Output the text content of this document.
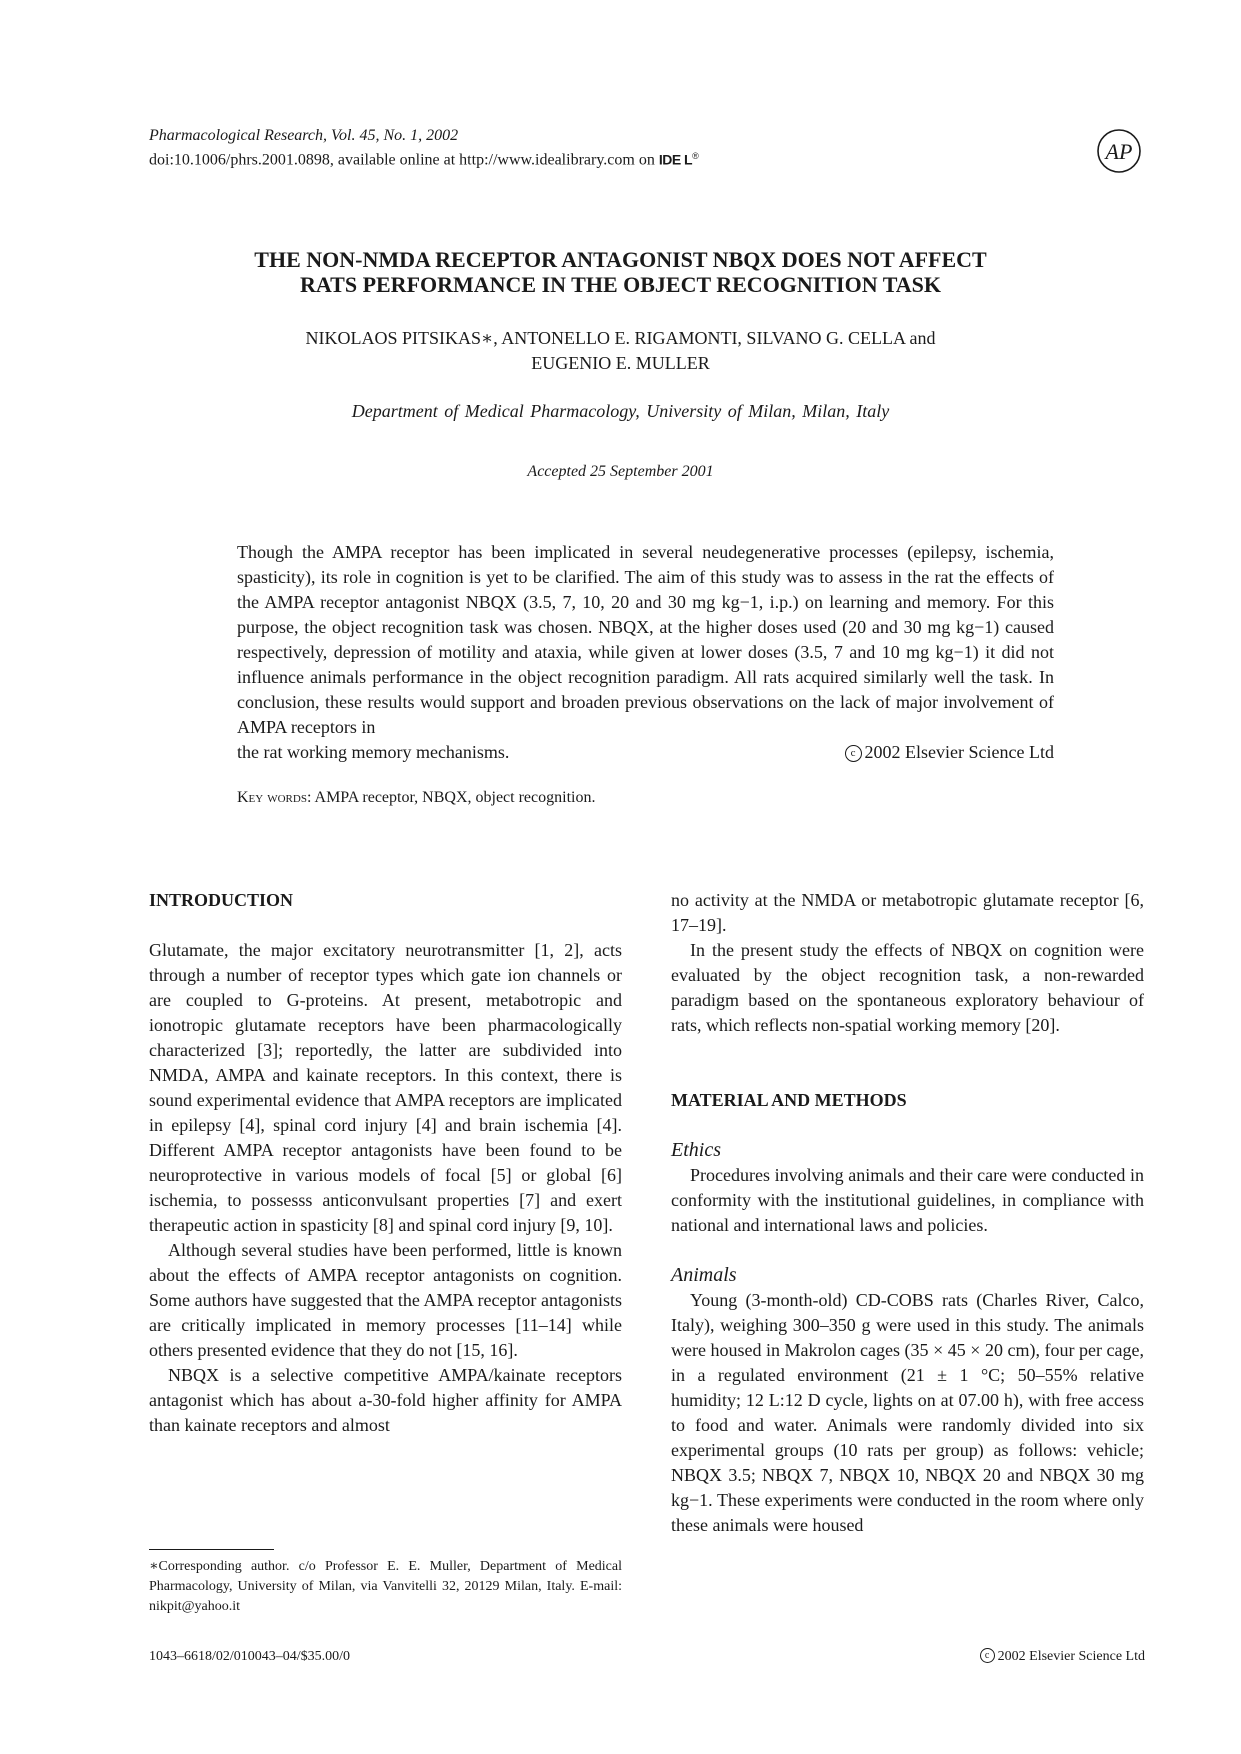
Pharmacological Research, Vol. 45, No. 1, 2002
doi:10.1006/phrs.2001.0898, available online at http://www.idealibrary.com on IDE L®	AP
THE NON-NMDA RECEPTOR ANTAGONIST NBQX DOES NOT AFFECT
RATS PERFORMANCE IN THE OBJECT RECOGNITION TASK
NIKOLAOS PITSIKAS∗, ANTONELLO E. RIGAMONTI, SILVANO G. CELLA and
EUGENIO E. MULLER
Department of Medical Pharmacology, University of Milan, Milan, Italy
Accepted 25 September 2001

Though the AMPA receptor has been implicated in several neudegenerative processes (epilepsy, ischemia, spasticity), its role in cognition is yet to be clarified. The aim of this study was to assess in the rat the effects of the AMPA receptor antagonist NBQX (3.5, 7, 10, 20 and 30 mg kg−1, i.p.) on learning and memory. For this purpose, the object recognition task was chosen. NBQX, at the higher doses used (20 and 30 mg kg−1) caused respectively, depression of motility and ataxia, while given at lower doses (3.5, 7 and 10 mg kg−1) it did not influence animals performance in the object recognition paradigm. All rats acquired similarly well the task. In conclusion, these results would support and broaden previous observations on the lack of major involvement of AMPA receptors in

the rat working memory mechanisms.	c 2002 Elsevier Science Ltd
Key words: AMPA receptor, NBQX, object recognition.

INTRODUCTION

Glutamate, the major excitatory neurotransmitter [1, 2], acts through a number of receptor types which gate ion channels or are coupled to G-proteins. At present, metabotropic and ionotropic glutamate receptors have been pharmacologically characterized [3]; reportedly, the latter are subdivided into NMDA, AMPA and kainate receptors. In this context, there is sound experimental evidence that AMPA receptors are implicated in epilepsy [4], spinal cord injury [4] and brain ischemia [4]. Different AMPA receptor antagonists have been found to be neuroprotective in various models of focal [5] or global [6] ischemia, to possesss anticonvulsant properties [7] and exert therapeutic action in spasticity [8] and spinal cord injury [9, 10].

Although several studies have been performed, little is known about the effects of AMPA receptor antagonists on cognition. Some authors have suggested that the AMPA receptor antagonists are critically implicated in memory processes [11–14] while others presented evidence that they do not [15, 16].

NBQX is a selective competitive AMPA/kainate receptors antagonist which has about a-30-fold higher affinity for AMPA than kainate receptors and almost

∗Corresponding author. c/o Professor E. E. Muller, Department of Medical Pharmacology, University of Milan, via Vanvitelli 32, 20129 Milan, Italy. E-mail: nikpit@yahoo.it

no activity at the NMDA or metabotropic glutamate receptor [6, 17–19].

In the present study the effects of NBQX on cognition were evaluated by the object recognition task, a non-rewarded paradigm based on the spontaneous exploratory behaviour of rats, which reflects non-spatial working memory [20].

MATERIAL AND METHODS

Ethics

Procedures involving animals and their care were conducted in conformity with the institutional guidelines, in compliance with national and international laws and policies.

Animals

Young (3-month-old) CD-COBS rats (Charles River, Calco, Italy), weighing 300–350 g were used in this study. The animals were housed in Makrolon cages (35 × 45 × 20 cm), four per cage, in a regulated environment (21 ± 1 °C; 50–55% relative humidity; 12 L:12 D cycle, lights on at 07.00 h), with free access to food and water. Animals were randomly divided into six experimental groups (10 rats per group) as follows: vehicle; NBQX 3.5; NBQX 7, NBQX 10, NBQX 20 and NBQX 30 mg kg−1. These experiments were conducted in the room where only these animals were housed

1043–6618/02/010043–04/$35.00/0	c 2002 Elsevier Science Ltd
